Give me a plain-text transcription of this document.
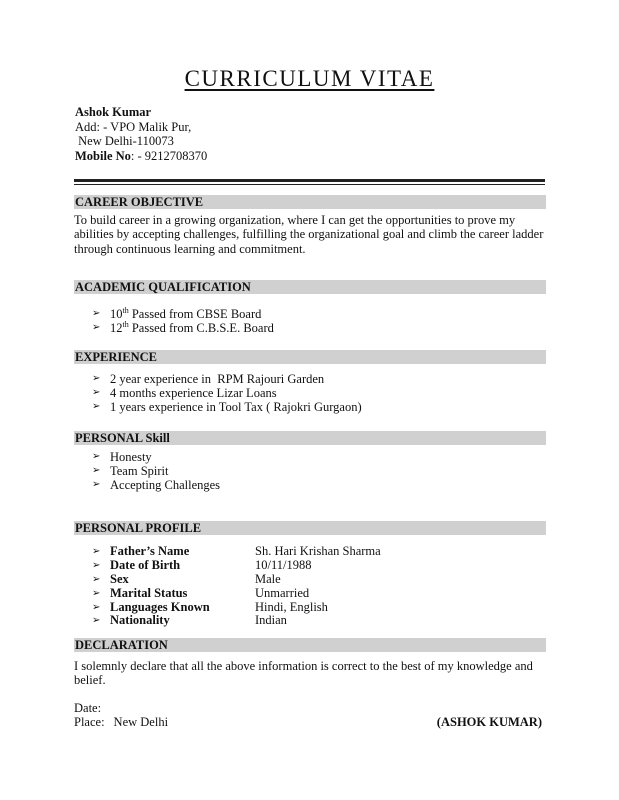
CURRICULUM VITAE
Ashok Kumar
Add: - VPO Malik Pur,
New Delhi-110073
Mobile No: - 9212708370
CAREER OBJECTIVE
To build career in a growing organization, where I can get the opportunities to prove my abilities by accepting challenges, fulfilling the organizational goal and climb the career ladder through continuous learning and commitment.
ACADEMIC QUALIFICATION
➢ 10th Passed from CBSE Board
➢ 12th Passed from C.B.S.E. Board
EXPERIENCE
➢ 2 year experience in  RPM Rajouri Garden
➢ 4 months experience Lizar Loans
➢ 1 years experience in Tool Tax ( Rajokri Gurgaon)
PERSONAL Skill
➢ Honesty
➢ Team Spirit
➢ Accepting Challenges
PERSONAL PROFILE
➢ Father’s Name	Sh. Hari Krishan Sharma
➢ Date of Birth	10/11/1988
➢ Sex	Male
➢ Marital Status	Unmarried
➢ Languages Known	Hindi, English
➢ Nationality	Indian
DECLARATION
I solemnly declare that all the above information is correct to the best of my knowledge and belief.
Date:
Place: New Delhi	(ASHOK KUMAR)
